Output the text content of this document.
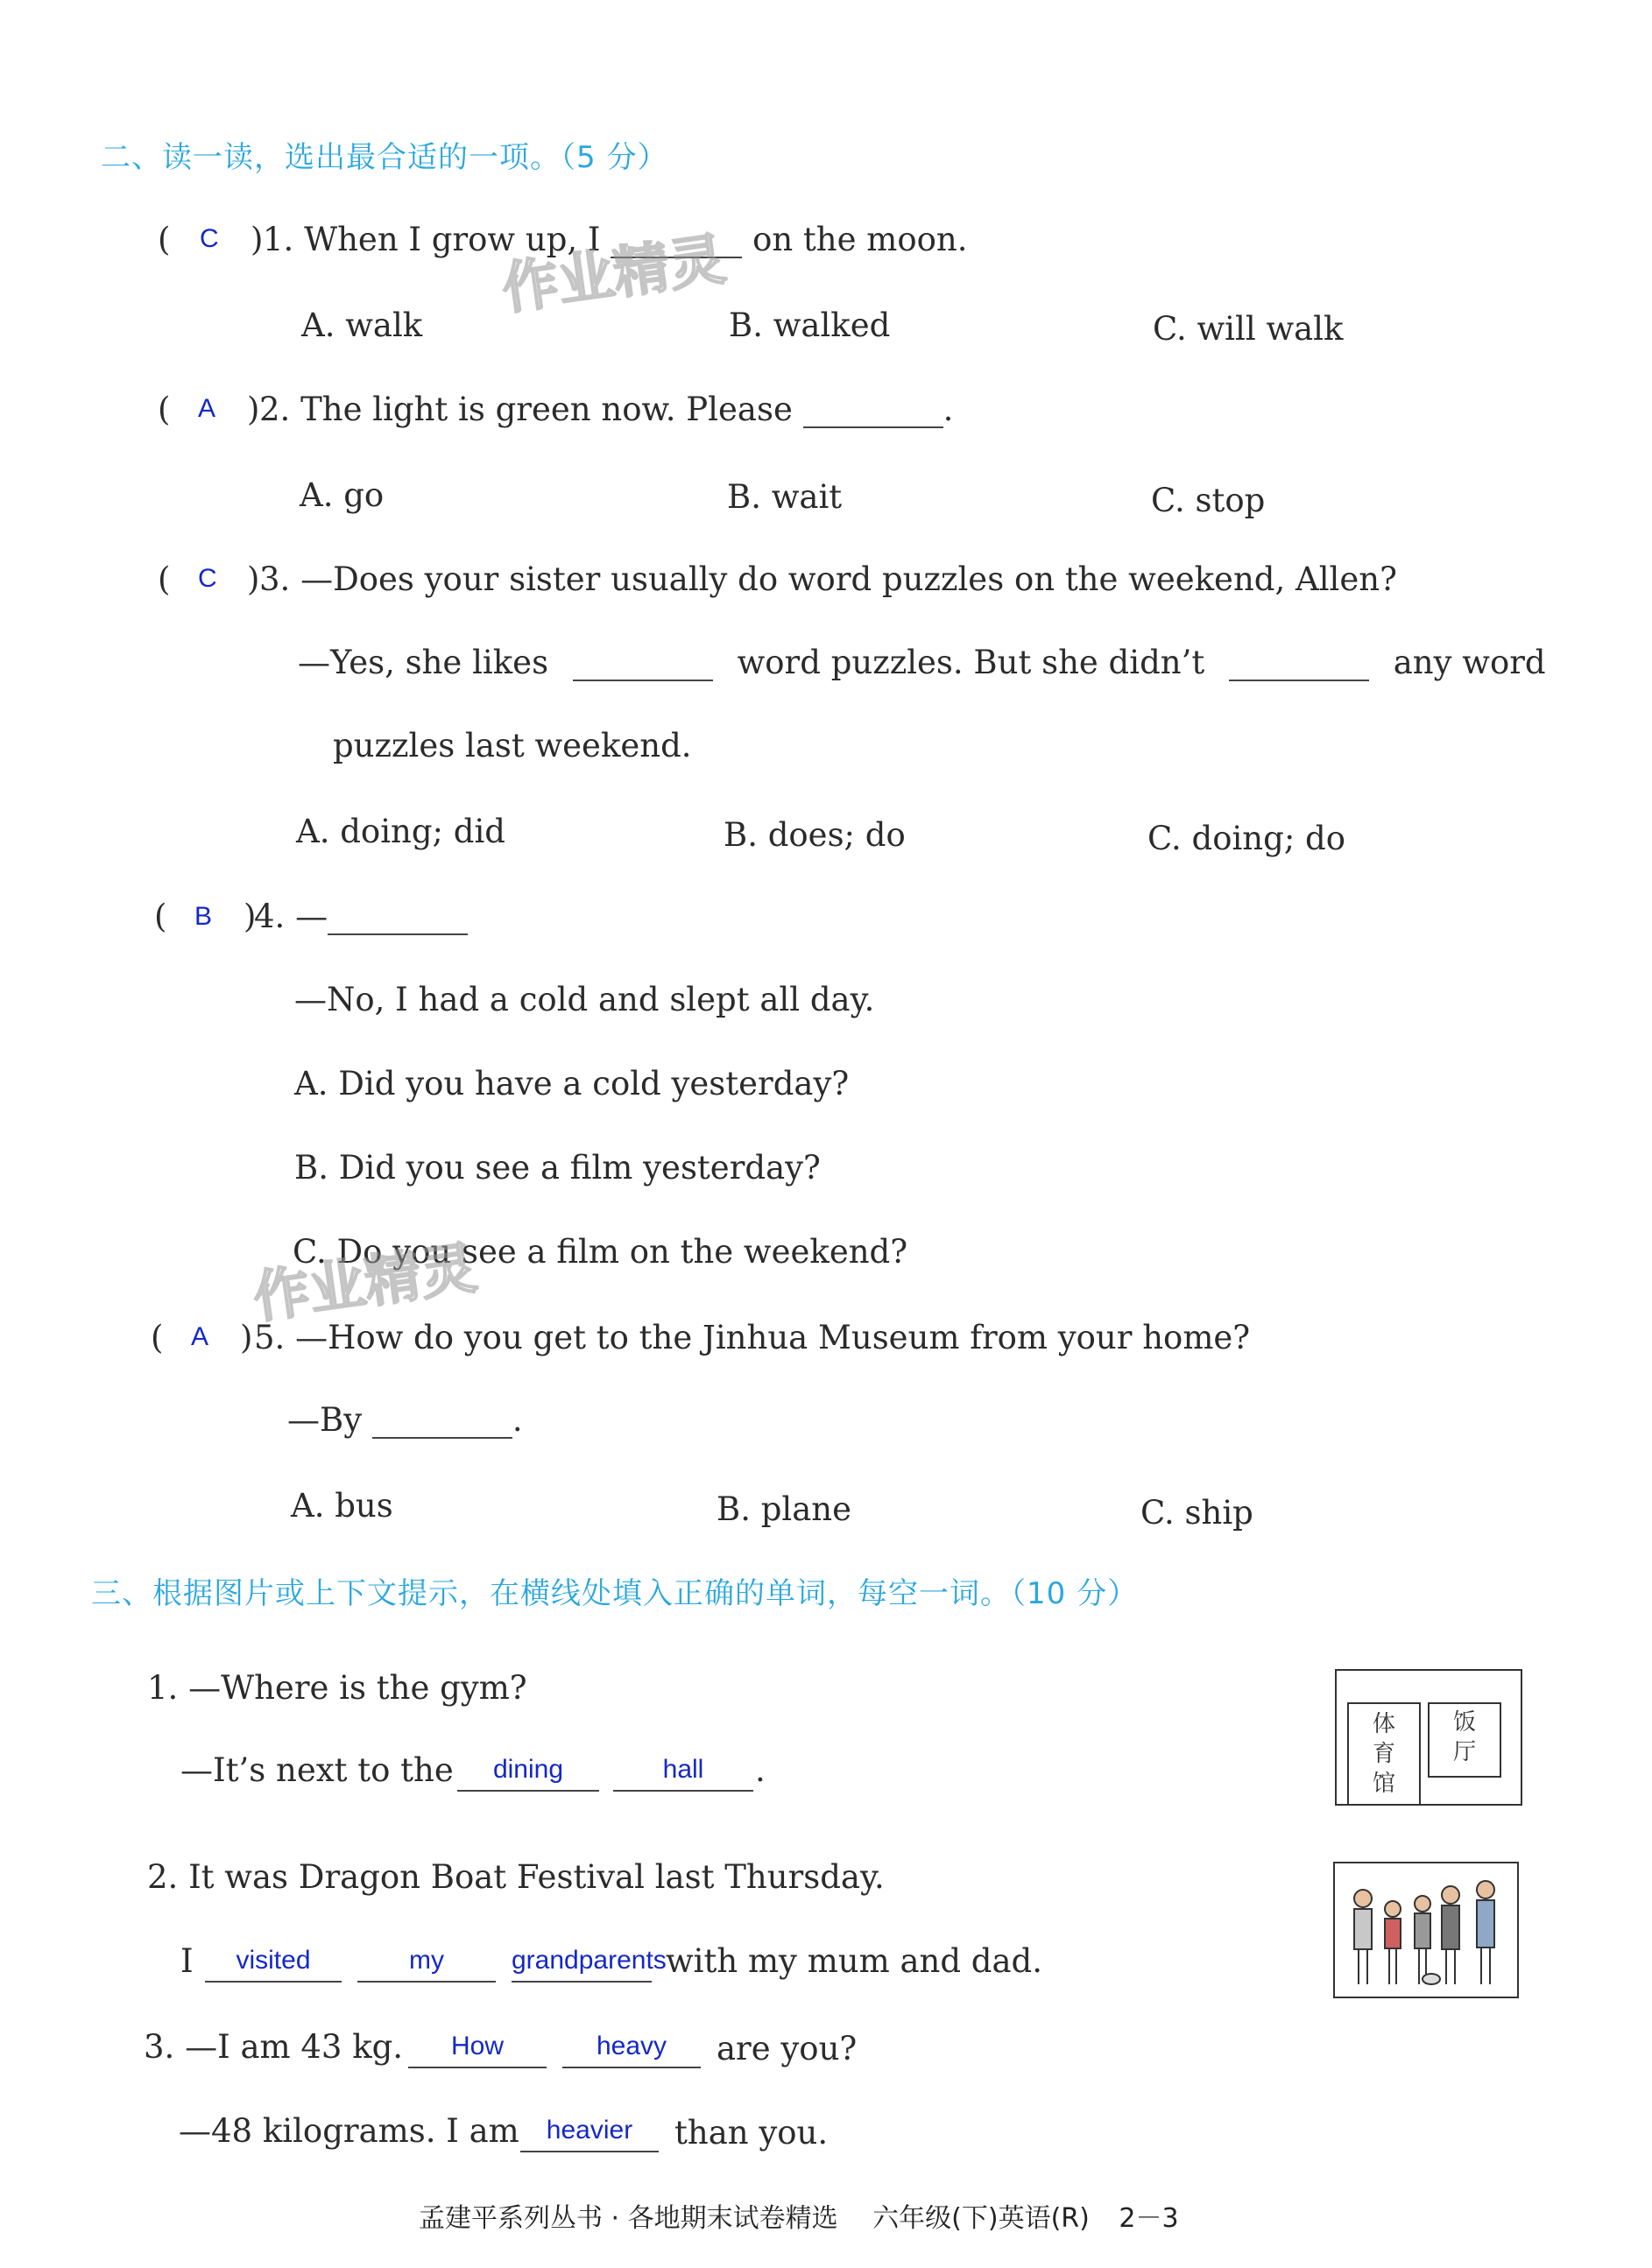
二、读一读，选出最合适的一项。（5 分）
( C ) 1. When I grow up, I	on the moon.
A. walk	B. walked	C. will walk
( A ) 2. The light is green now. Please	.
A. go	B. wait	C. stop
( C ) 3. —Does your sister usually do word puzzles on the weekend, Allen?
—Yes, she likes	word puzzles. But she didn’t	any word
puzzles last weekend.
A. doing; did	B. does; do	C. doing; do
( B )
4. —
—No, I had a cold and slept all day.
A. Did you have a cold yesterday?
B. Did you see a film yesterday?
C. Do you see a film on the weekend?
( A ) 5. —How do you get to the Jinhua Museum from your home?
—By	.
A. bus	B. plane	C. ship
三、根据图片或上下文提示，在横线处填入正确的单词，每空一词。（10 分）
1. —Where is the gym?
—It’s next to the	dining	hall	.
体
育
馆
饭
厅
2. It was Dragon Boat Festival last Thursday.
I	visited	my	grandparents with my mum and dad.
3. —I am 43 kg.	How	heavy	are you?
—48 kilograms. I am	heavier	than you.
作业精灵
作业精灵
孟建平系列丛书 · 各地期末试卷精选 六年级(下)英语(R) 2－3
